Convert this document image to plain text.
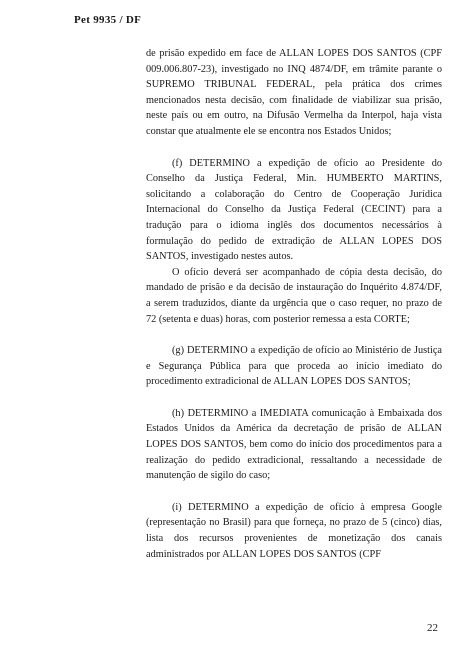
Pet 9935 / DF

de prisão expedido em face de ALLAN LOPES DOS SANTOS (CPF 009.006.807-23), investigado no INQ 4874/DF, em trâmite parante o SUPREMO TRIBUNAL FEDERAL, pela prática dos crimes mencionados nesta decisão, com finalidade de viabilizar sua prisão, neste país ou em outro, na Difusão Vermelha da Interpol, haja vista constar que atualmente ele se encontra nos Estados Unidos;

(f) DETERMINO a expedição de ofício ao Presidente do Conselho da Justiça Federal, Min. HUMBERTO MARTINS, solicitando a colaboração do Centro de Cooperação Jurídica Internacional do Conselho da Justiça Federal (CECINT) para a tradução para o idioma inglês dos documentos necessários à formulação do pedido de extradição de ALLAN LOPES DOS SANTOS, investigado nestes autos.

O ofício deverá ser acompanhado de cópia desta decisão, do mandado de prisão e da decisão de instauração do Inquérito 4.874/DF, a serem traduzidos, diante da urgência que o caso requer, no prazo de 72 (setenta e duas) horas, com posterior remessa a esta CORTE;

(g) DETERMINO a expedição de ofício ao Ministério de Justiça e Segurança Pública para que proceda ao início imediato do procedimento extradicional de ALLAN LOPES DOS SANTOS;

(h) DETERMINO a IMEDIATA comunicação à Embaixada dos Estados Unidos da América da decretação de prisão de ALLAN LOPES DOS SANTOS, bem como do início dos procedimentos para a realização do pedido extradicional, ressaltando a necessidade de manutenção de sigilo do caso;

(i) DETERMINO a expedição de ofício à empresa Google (representação no Brasil) para que forneça, no prazo de 5 (cinco) dias, lista dos recursos provenientes de monetização dos canais administrados por ALLAN LOPES DOS SANTOS (CPF

22
